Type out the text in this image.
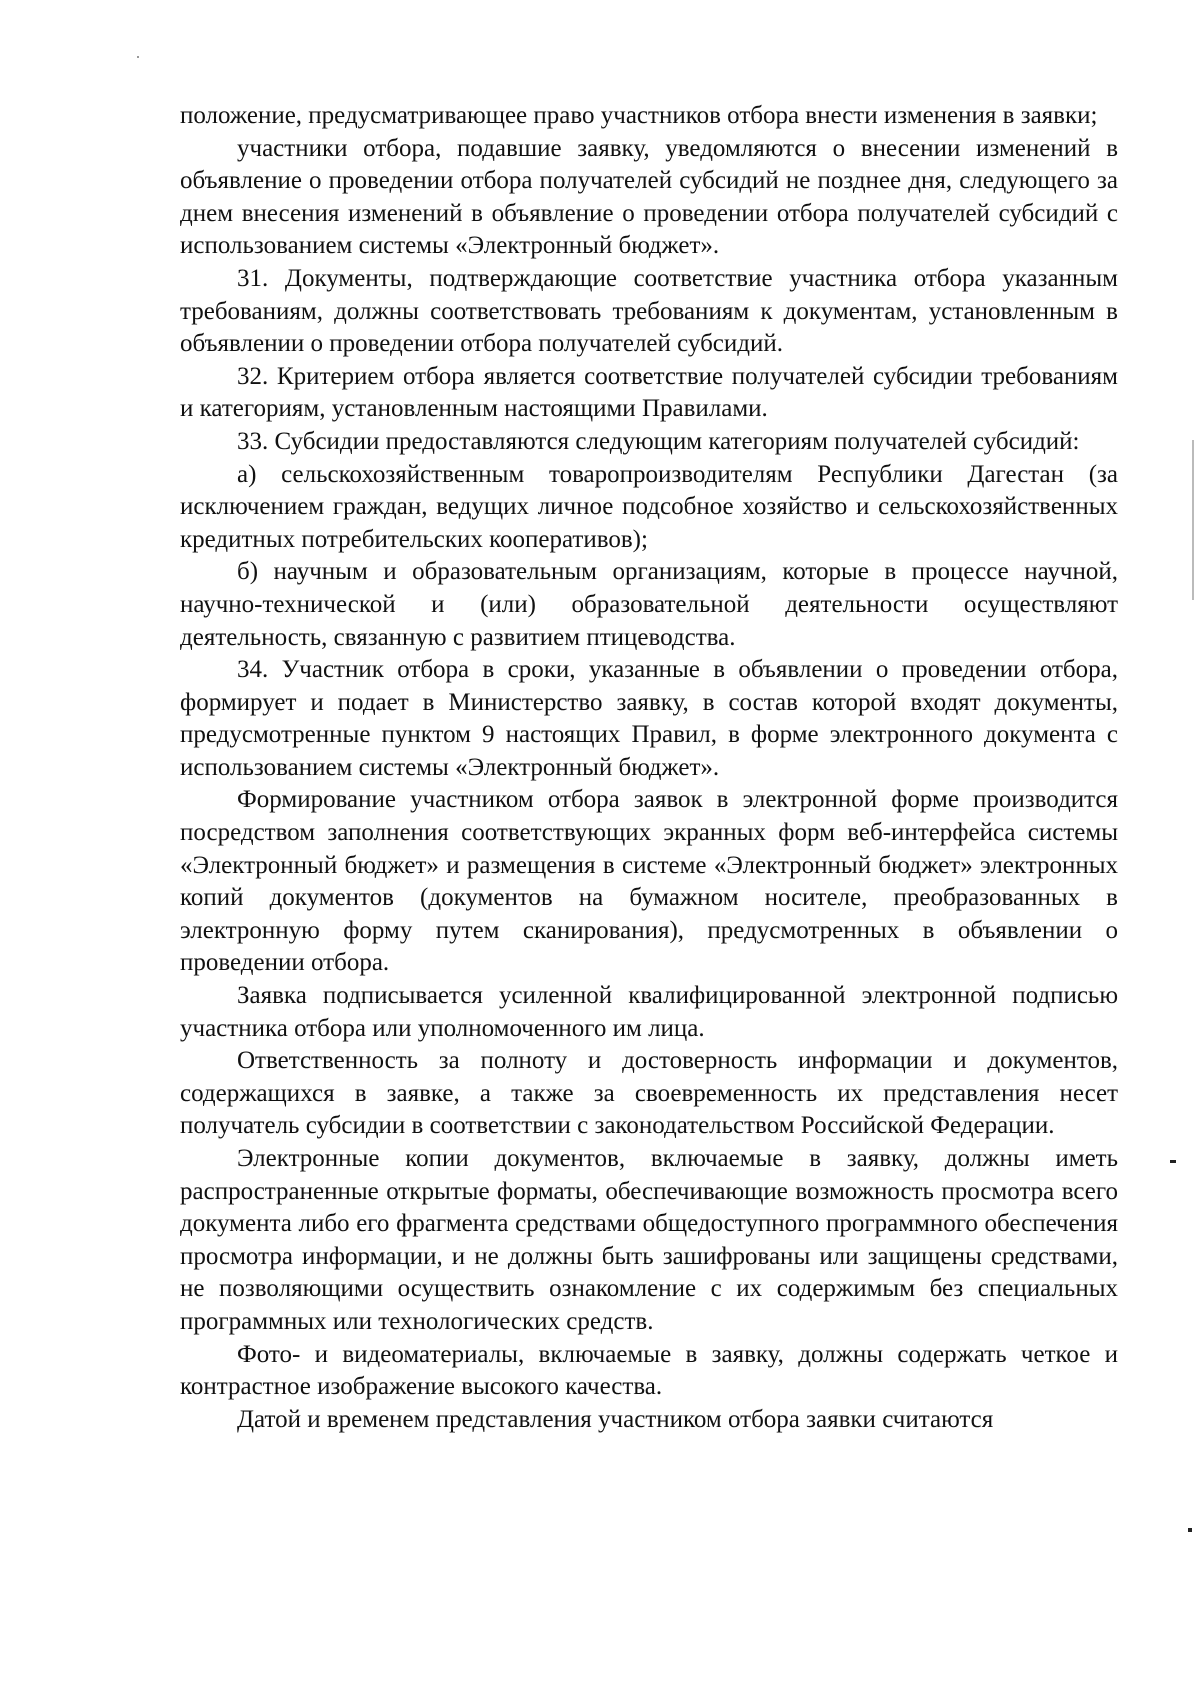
положение, предусматривающее право участников отбора внести изменения в заявки;

участники отбора, подавшие заявку, уведомляются о внесении изменений в объявление о проведении отбора получателей субсидий не позднее дня, следующего за днем внесения изменений в объявление о проведении отбора получателей субсидий с использованием системы «Электронный бюджет».

31. Документы, подтверждающие соответствие участника отбора указанным требованиям, должны соответствовать требованиям к документам, установленным в объявлении о проведении отбора получателей субсидий.

32. Критерием отбора является соответствие получателей субсидии требованиям и категориям, установленным настоящими Правилами.

33. Субсидии предоставляются следующим категориям получателей субсидий:

а) сельскохозяйственным товаропроизводителям Республики Дагестан (за исключением граждан, ведущих личное подсобное хозяйство и сельскохозяйственных кредитных потребительских кооперативов);

б) научным и образовательным организациям, которые в процессе научной, научно-технической и (или) образовательной деятельности осуществляют деятельность, связанную с развитием птицеводства.

34. Участник отбора в сроки, указанные в объявлении о проведении отбора, формирует и подает в Министерство заявку, в состав которой входят документы, предусмотренные пунктом 9 настоящих Правил, в форме электронного документа с использованием системы «Электронный бюджет».

Формирование участником отбора заявок в электронной форме производится посредством заполнения соответствующих экранных форм веб-интерфейса системы «Электронный бюджет» и размещения в системе «Электронный бюджет» электронных копий документов (документов на бумажном носителе, преобразованных в электронную форму путем сканирования), предусмотренных в объявлении о проведении отбора.

Заявка подписывается усиленной квалифицированной электронной подписью участника отбора или уполномоченного им лица.

Ответственность за полноту и достоверность информации и документов, содержащихся в заявке, а также за своевременность их представления несет получатель субсидии в соответствии с законодательством Российской Федерации.

Электронные копии документов, включаемые в заявку, должны иметь распространенные открытые форматы, обеспечивающие возможность просмотра всего документа либо его фрагмента средствами общедоступного программного обеспечения просмотра информации, и не должны быть зашифрованы или защищены средствами, не позволяющими осуществить ознакомление с их содержимым без специальных программных или технологических средств.

Фото- и видеоматериалы, включаемые в заявку, должны содержать четкое и контрастное изображение высокого качества.

Датой и временем представления участником отбора заявки считаются
